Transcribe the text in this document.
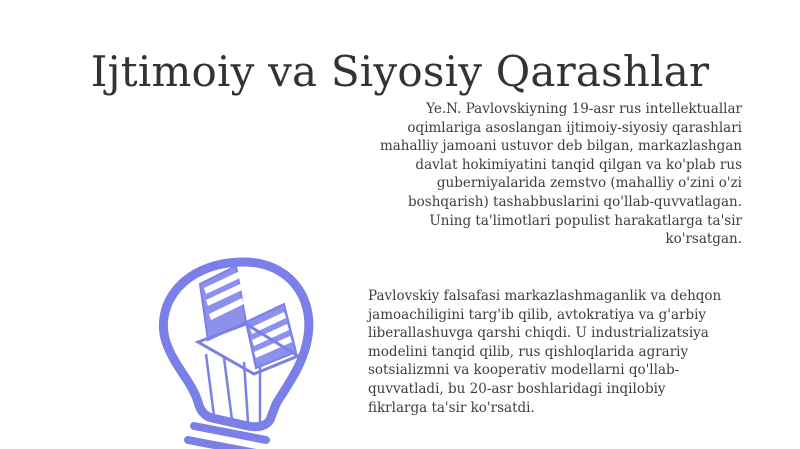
Ijtimoiy va Siyosiy Qarashlar
Ye.N. Pavlovskiyning 19-asr rus intellektuallar oqimlariga asoslangan ijtimoiy-siyosiy qarashlari mahalliy jamoani ustuvor deb bilgan, markazlashgan davlat hokimiyatini tanqid qilgan va ko'plab rus guberniyalarida zemstvo (mahalliy o'zini o'zi boshqarish) tashabbuslarini qo'llab-quvvatlagan. Uning ta'limotlari populist harakatlarga ta'sir ko'rsatgan.
Pavlovskiy falsafasi markazlashmaganlik va dehqon jamoachiligini targ'ib qilib, avtokratiya va g'arbiy liberallashuvga qarshi chiqdi. U industrializatsiya modelini tanqid qilib, rus qishloqlarida agrariy sotsializmni va kooperativ modellarni qo'llab-quvvatladi, bu 20-asr boshlaridagi inqilobiy fikrlarga ta'sir ko'rsatdi.
